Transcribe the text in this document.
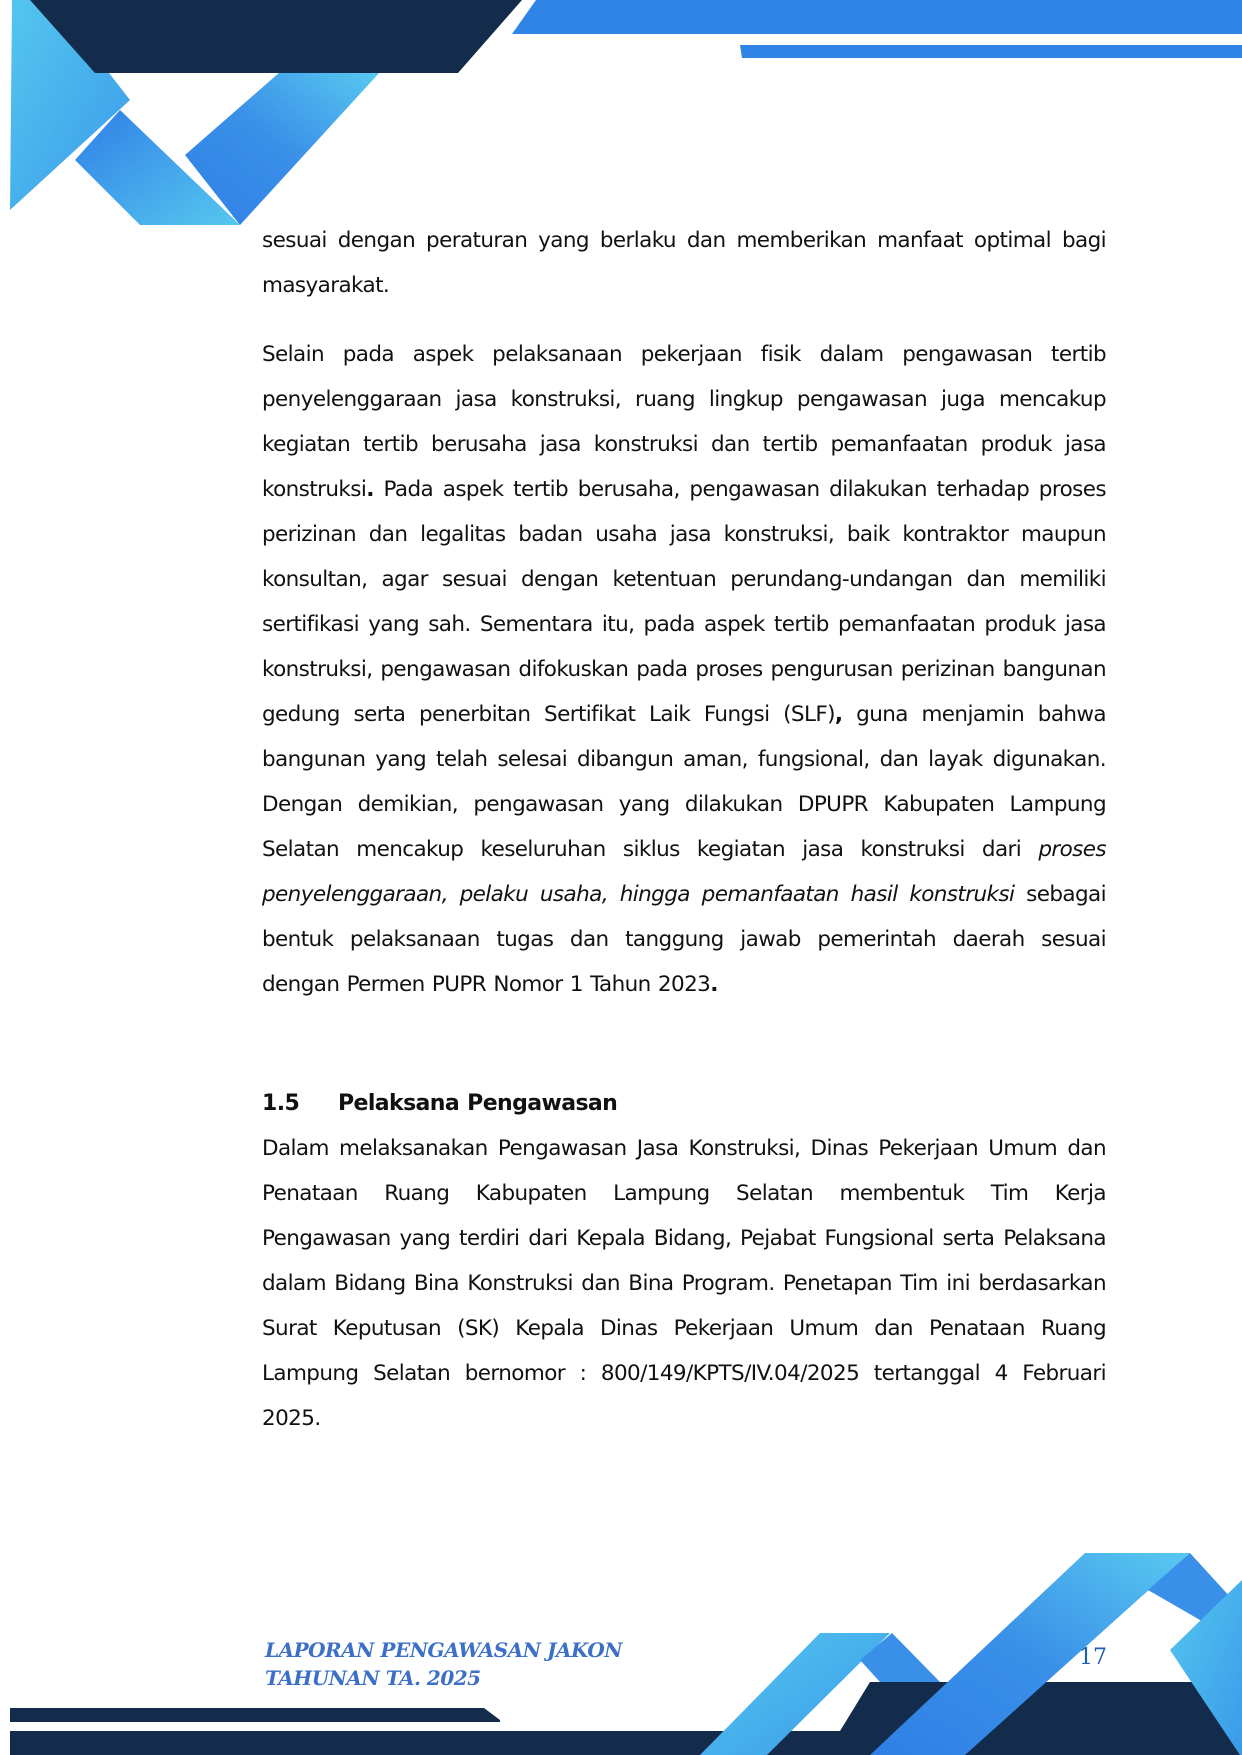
sesuai dengan peraturan yang berlaku dan memberikan manfaat optimal bagi masyarakat.

Selain pada aspek pelaksanaan pekerjaan fisik dalam pengawasan tertib penyelenggaraan jasa konstruksi, ruang lingkup pengawasan juga mencakup kegiatan tertib berusaha jasa konstruksi dan tertib pemanfaatan produk jasa konstruksi. Pada aspek tertib berusaha, pengawasan dilakukan terhadap proses perizinan dan legalitas badan usaha jasa konstruksi, baik kontraktor maupun konsultan, agar sesuai dengan ketentuan perundang-undangan dan memiliki sertifikasi yang sah. Sementara itu, pada aspek tertib pemanfaatan produk jasa konstruksi, pengawasan difokuskan pada proses pengurusan perizinan bangunan gedung serta penerbitan Sertifikat Laik Fungsi (SLF), guna menjamin bahwa bangunan yang telah selesai dibangun aman, fungsional, dan layak digunakan. Dengan demikian, pengawasan yang dilakukan DPUPR Kabupaten Lampung Selatan mencakup keseluruhan siklus kegiatan jasa konstruksi dari proses penyelenggaraan, pelaku usaha, hingga pemanfaatan hasil konstruksi sebagai bentuk pelaksanaan tugas dan tanggung jawab pemerintah daerah sesuai dengan Permen PUPR Nomor 1 Tahun 2023.

1.5	Pelaksana Pengawasan

Dalam melaksanakan Pengawasan Jasa Konstruksi, Dinas Pekerjaan Umum dan Penataan Ruang Kabupaten Lampung Selatan membentuk Tim Kerja Pengawasan yang terdiri dari Kepala Bidang, Pejabat Fungsional serta Pelaksana dalam Bidang Bina Konstruksi dan Bina Program. Penetapan Tim ini berdasarkan Surat Keputusan (SK) Kepala Dinas Pekerjaan Umum dan Penataan Ruang Lampung Selatan bernomor : 800/149/KPTS/IV.04/2025 tertanggal 4 Februari 2025.

LAPORAN PENGAWASAN JAKON
TAHUNAN TA. 2025
17
